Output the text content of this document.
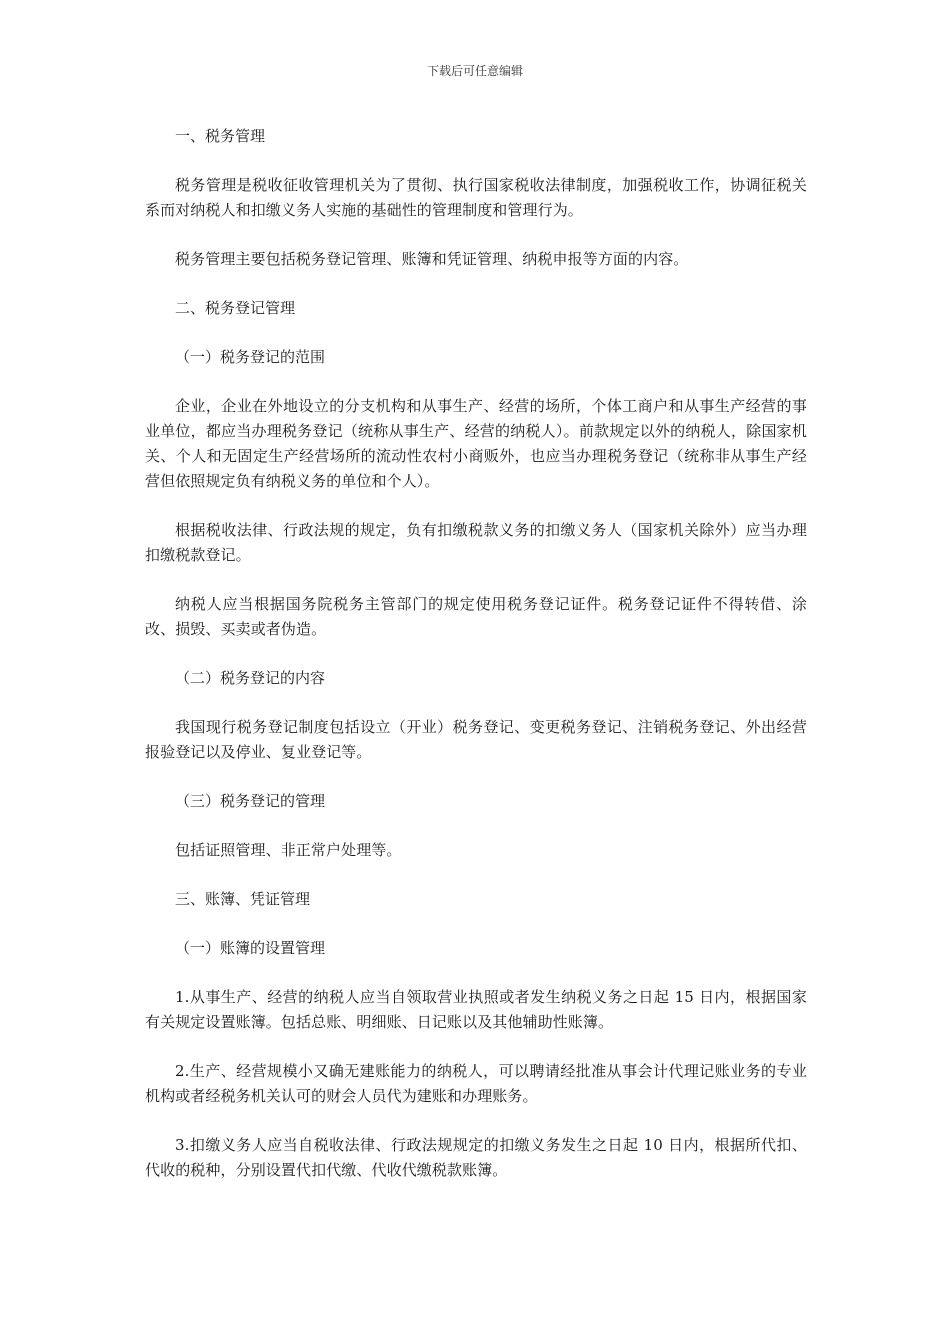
下载后可任意编辑

一、税务管理

税务管理是税收征收管理机关为了贯彻、执行国家税收法律制度，加强税收工作，协调征税关系而对纳税人和扣缴义务人实施的基础性的管理制度和管理行为。

税务管理主要包括税务登记管理、账簿和凭证管理、纳税申报等方面的内容。

二、税务登记管理

（一）税务登记的范围

企业，企业在外地设立的分支机构和从事生产、经营的场所，个体工商户和从事生产经营的事业单位，都应当办理税务登记（统称从事生产、经营的纳税人）。前款规定以外的纳税人，除国家机关、个人和无固定生产经营场所的流动性农村小商贩外，也应当办理税务登记（统称非从事生产经营但依照规定负有纳税义务的单位和个人）。

根据税收法律、行政法规的规定，负有扣缴税款义务的扣缴义务人（国家机关除外）应当办理扣缴税款登记。

纳税人应当根据国务院税务主管部门的规定使用税务登记证件。税务登记证件不得转借、涂改、损毁、买卖或者伪造。

（二）税务登记的内容

我国现行税务登记制度包括设立（开业）税务登记、变更税务登记、注销税务登记、外出经营报验登记以及停业、复业登记等。

（三）税务登记的管理

包括证照管理、非正常户处理等。

三、账簿、凭证管理

（一）账簿的设置管理

1.从事生产、经营的纳税人应当自领取营业执照或者发生纳税义务之日起 15 日内，根据国家有关规定设置账簿。包括总账、明细账、日记账以及其他辅助性账簿。

2.生产、经营规模小又确无建账能力的纳税人，可以聘请经批准从事会计代理记账业务的专业机构或者经税务机关认可的财会人员代为建账和办理账务。

3.扣缴义务人应当自税收法律、行政法规规定的扣缴义务发生之日起 10 日内，根据所代扣、代收的税种，分别设置代扣代缴、代收代缴税款账簿。
